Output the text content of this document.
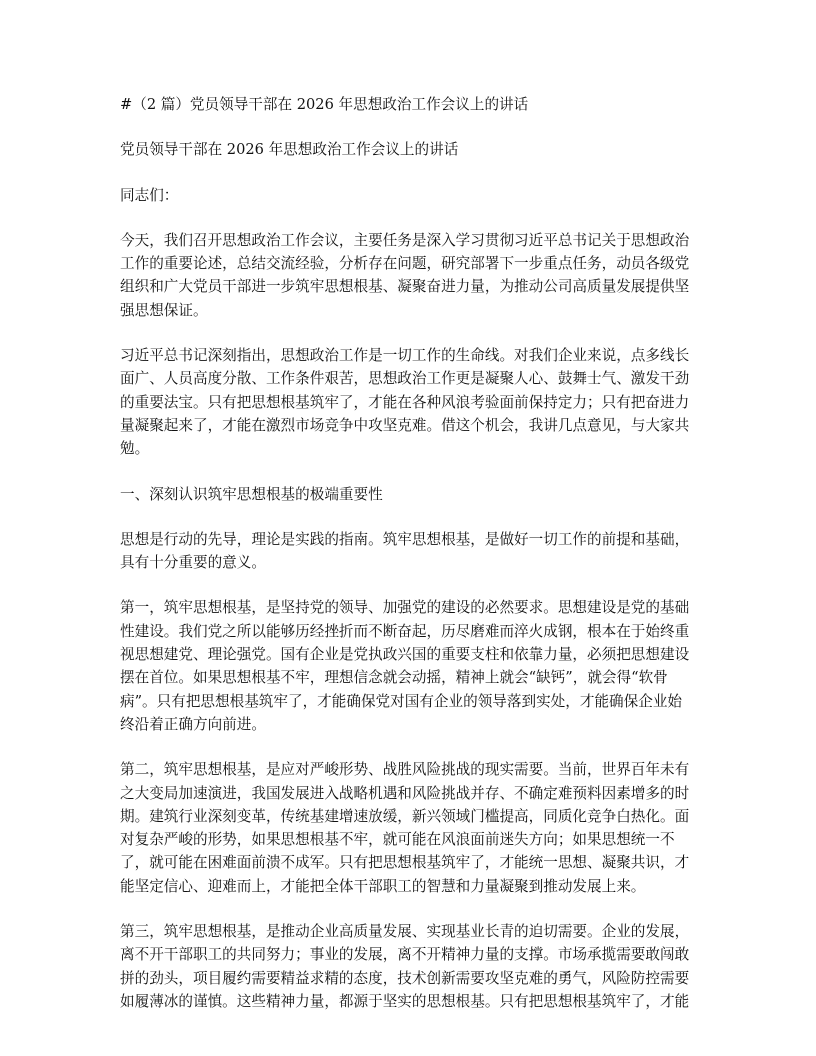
#（2 篇）党员领导干部在 2026 年思想政治工作会议上的讲话

党员领导干部在 2026 年思想政治工作会议上的讲话

同志们：

今天，我们召开思想政治工作会议，主要任务是深入学习贯彻习近平总书记关于思想政治工作的重要论述，总结交流经验，分析存在问题，研究部署下一步重点任务，动员各级党组织和广大党员干部进一步筑牢思想根基、凝聚奋进力量，为推动公司高质量发展提供坚强思想保证。

习近平总书记深刻指出，思想政治工作是一切工作的生命线。对我们企业来说，点多线长面广、人员高度分散、工作条件艰苦，思想政治工作更是凝聚人心、鼓舞士气、激发干劲的重要法宝。只有把思想根基筑牢了，才能在各种风浪考验面前保持定力；只有把奋进力量凝聚起来了，才能在激烈市场竞争中攻坚克难。借这个机会，我讲几点意见，与大家共勉。

一、深刻认识筑牢思想根基的极端重要性

思想是行动的先导，理论是实践的指南。筑牢思想根基，是做好一切工作的前提和基础，具有十分重要的意义。

第一，筑牢思想根基，是坚持党的领导、加强党的建设的必然要求。思想建设是党的基础性建设。我们党之所以能够历经挫折而不断奋起，历尽磨难而淬火成钢，根本在于始终重视思想建党、理论强党。国有企业是党执政兴国的重要支柱和依靠力量，必须把思想建设摆在首位。如果思想根基不牢，理想信念就会动摇，精神上就会“缺钙”，就会得“软骨病”。只有把思想根基筑牢了，才能确保党对国有企业的领导落到实处，才能确保企业始终沿着正确方向前进。

第二，筑牢思想根基，是应对严峻形势、战胜风险挑战的现实需要。当前，世界百年未有之大变局加速演进，我国发展进入战略机遇和风险挑战并存、不确定难预料因素增多的时期。建筑行业深刻变革，传统基建增速放缓，新兴领域门槛提高，同质化竞争白热化。面对复杂严峻的形势，如果思想根基不牢，就可能在风浪面前迷失方向；如果思想统一不了，就可能在困难面前溃不成军。只有把思想根基筑牢了，才能统一思想、凝聚共识，才能坚定信心、迎难而上，才能把全体干部职工的智慧和力量凝聚到推动发展上来。

第三，筑牢思想根基，是推动企业高质量发展、实现基业长青的迫切需要。企业的发展，离不开干部职工的共同努力；事业的发展，离不开精神力量的支撑。市场承揽需要敢闯敢拼的劲头，项目履约需要精益求精的态度，技术创新需要攻坚克难的勇气，风险防控需要如履薄冰的谨慎。这些精神力量，都源于坚实的思想根基。只有把思想根基筑牢了，才能
